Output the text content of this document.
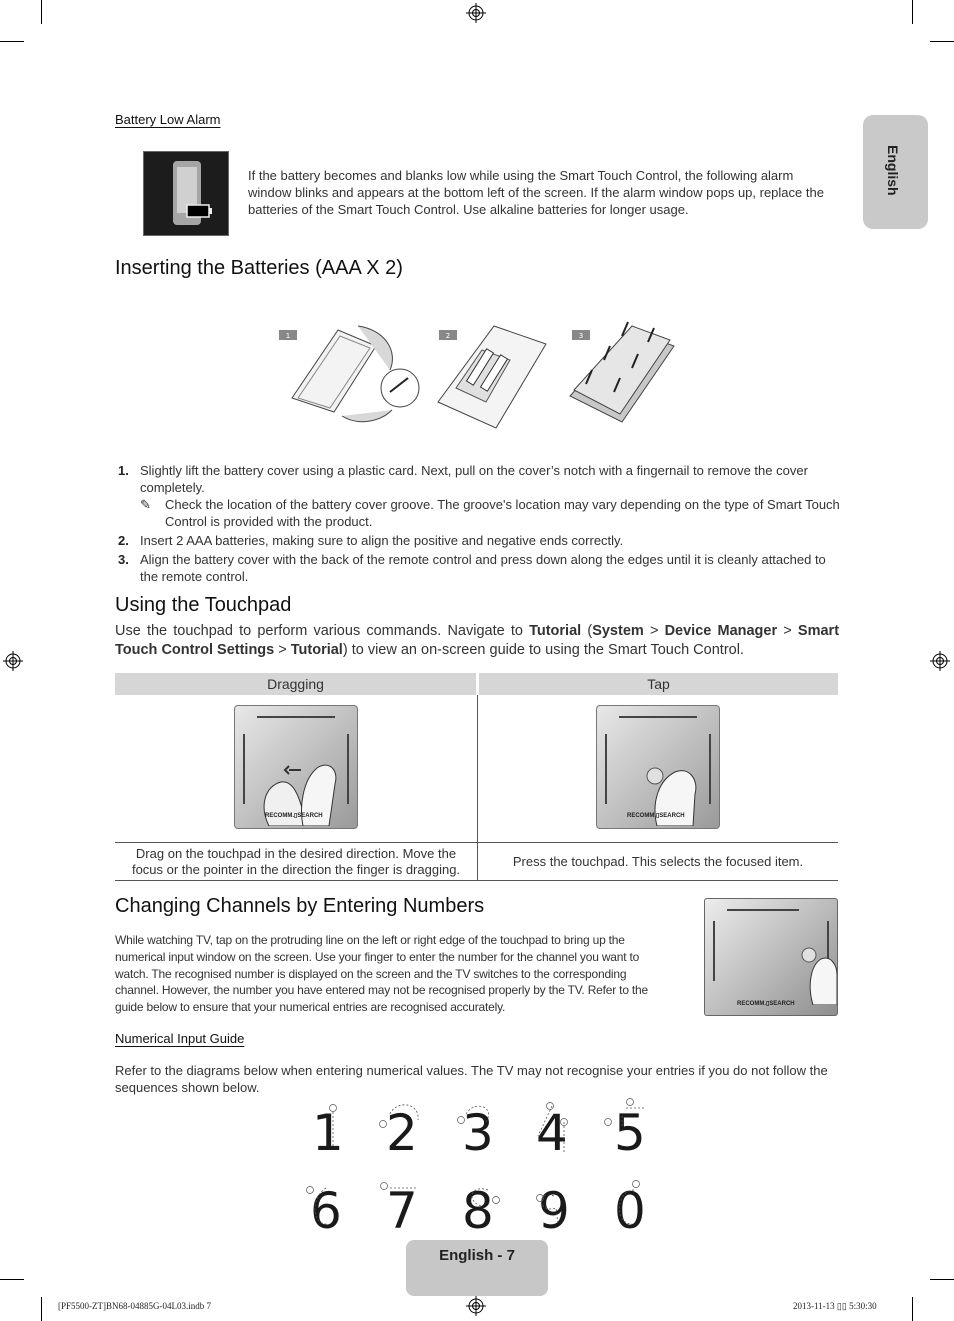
English
Battery Low Alarm
If the battery becomes and blanks low while using the Smart Touch Control, the following alarm window blinks and appears at the bottom left of the screen. If the alarm window pops up, replace the batteries of the Smart Touch Control. Use alkaline batteries for longer usage.
Inserting the Batteries (AAA X 2)
1	2	3
1. Slightly lift the battery cover using a plastic card. Next, pull on the cover’s notch with a fingernail to remove the cover completely.
✎ Check the location of the battery cover groove. The groove's location may vary depending on the type of Smart Touch Control is provided with the product.
2. Insert 2 AAA batteries, making sure to align the positive and negative ends correctly.
3. Align the battery cover with the back of the remote control and press down along the edges until it is cleanly attached to the remote control.
Using the Touchpad
Use the touchpad to perform various commands. Navigate to Tutorial (System > Device Manager > Smart Touch Control Settings > Tutorial) to view an on-screen guide to using the Smart Touch Control.
Dragging	Tap

RECOMM.▯SEARCH	RECOMM.▯SEARCH

Drag on the touchpad in the desired direction. Move the focus or the pointer in the direction the finger is dragging.	Press the touchpad. This selects the focused item.
Changing Channels by Entering Numbers
While watching TV, tap on the protruding line on the left or right edge of the touchpad to bring up the numerical input window on the screen. Use your finger to enter the number for the channel you want to watch. The recognised number is displayed on the screen and the TV switches to the corresponding channel. However, the number you have entered may not be recognised properly by the TV. Refer to the guide below to ensure that your numerical entries are recognised accurately.	RECOMM.▯SEARCH
Numerical Input Guide
Refer to the diagrams below when entering numerical values. The TV may not recognise your entries if you do not follow the sequences shown below.
1 2 3 4 5
6 7 8 9 0
English - 7
[PF5500-ZT]BN68-04885G-04L03.indb 7	2013-11-13 ▯▯ 5:30:30
